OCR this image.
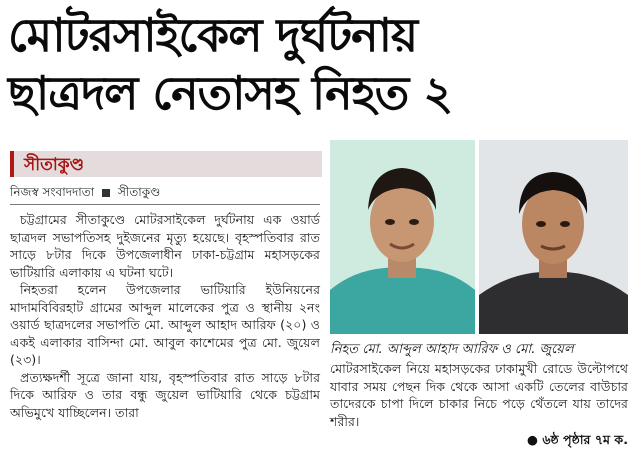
মোটরসাইকেল দুর্ঘটনায়
ছাত্রদল নেতাসহ নিহত ২
সীতাকুণ্ড
নিজস্ব সংবাদদাতা সীতাকুণ্ড

চট্টগ্রামের সীতাকুণ্ডে মোটরসাইকেল দুর্ঘটনায় এক ওয়ার্ড ছাত্রদল সভাপতিসহ দুইজনের মৃত্যু হয়েছে। বৃহস্পতিবার রাত সাড়ে ৮টার দিকে উপজেলাধীন ঢাকা-চট্টগ্রাম মহাসড়কের ভাটিয়ারি এলাকায় এ ঘটনা ঘটে।

নিহতরা হলেন উপজেলার ভাটিয়ারি ইউনিয়নের মাদামবিবিরহাট গ্রামের আব্দুল মালেকের পুত্র ও স্থানীয় ২নং ওয়ার্ড ছাত্রদলের সভাপতি মো. আব্দুল আহাদ আরিফ (২০) ও একই এলাকার বাসিন্দা মো. আবুল কাশেমের পুত্র মো. জুয়েল (২৩)।

প্রত্যক্ষদর্শী সূত্রে জানা যায়, বৃহস্পতিবার রাত সাড়ে ৮টার দিকে আরিফ ও তার বন্ধু জুয়েল ভাটিয়ারি থেকে চট্টগ্রাম অভিমুখে যাচ্ছিলেন। তারা

নিহত মো. আব্দুল আহাদ আরিফ ও মো. জুয়েল

মোটরসাইকেল নিয়ে মহাসড়কের ঢাকামুখী রোডে উল্টোপথে যাবার সময় পেছন দিক থেকে আসা একটি তেলের বাউচার তাদেরকে চাপা দিলে চাকার নিচে পড়ে থেঁতলে যায় তাদের শরীর।

● ৬ষ্ঠ পৃষ্ঠার ৭ম ক.
